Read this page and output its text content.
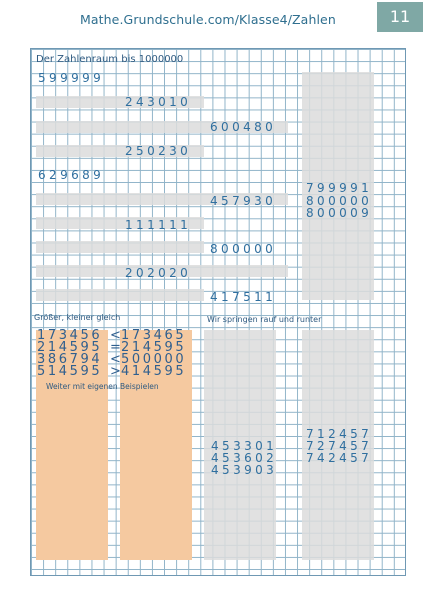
Mathe.Grundschule.com/Klasse4/Zahlen	11
Der Zahlenraum bis 1000000
599999
243010
600480
250230
629689
457930
111111
800000
202020
417511
799991
800000
800009
Größer, kleiner gleich
173456
214595
386794
514595
<
=
<
>
173465
214595
500000
414595
Weiter mit eigenen Beispielen
Wir springen rauf und runter
453301
453602
453903
712457
727457
742457
